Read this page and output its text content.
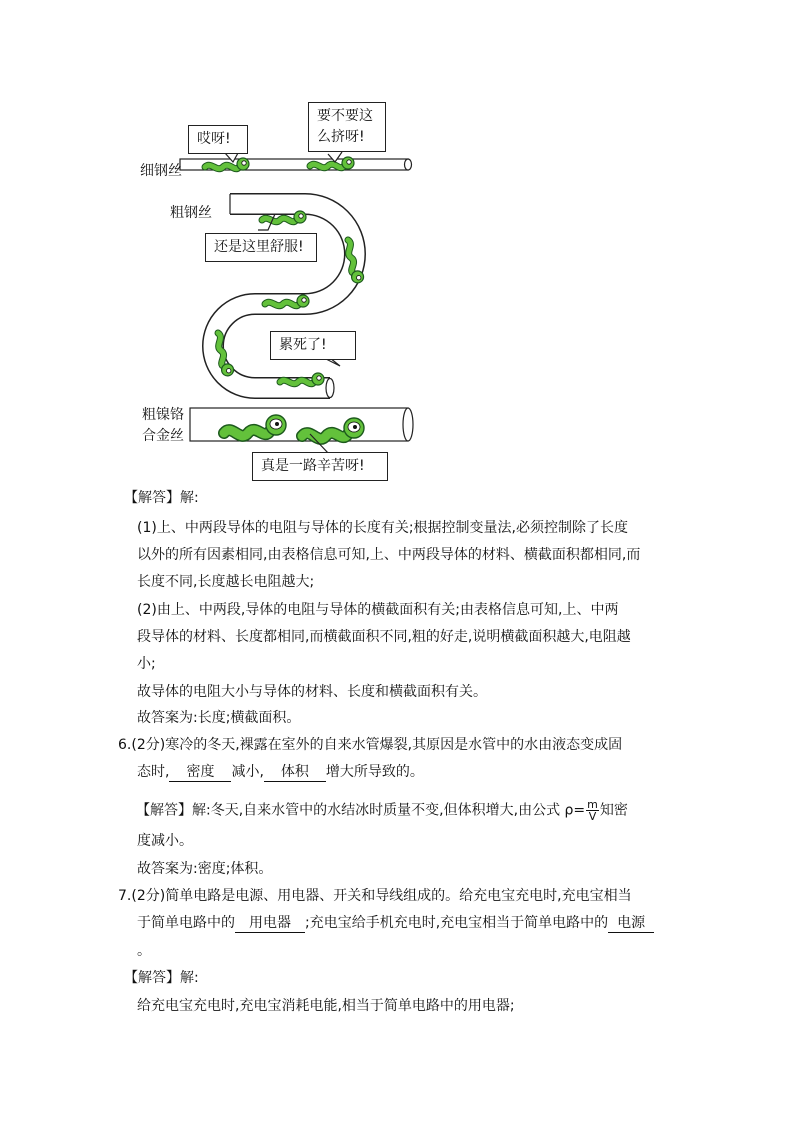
细钢丝
粗钢丝
粗镍铬
合金丝
哎呀!
要不要这
么挤呀!
还是这里舒服!
累死了!
真是一路辛苦呀!
【解答】解:
(1)上、中两段导体的电阻与导体的长度有关;根据控制变量法,必须控制除了长度
以外的所有因素相同,由表格信息可知,上、中两段导体的材料、横截面积都相同,而
长度不同,长度越长电阻越大;
(2)由上、中两段,导体的电阻与导体的横截面积有关;由表格信息可知,上、中两
段导体的材料、长度都相同,而横截面积不同,粗的好走,说明横截面积越大,电阻越
小;
故导体的电阻大小与导体的材料、长度和横截面积有关。
故答案为:长度;横截面积。
6.(2分)寒冷的冬天,裸露在室外的自来水管爆裂,其原因是水管中的水由液态变成固
态时, 密度 减小, 体积 增大所导致的。
【解答】解:冬天,自来水管中的水结冰时质量不变,但体积增大,由公式 $\rho= \frac{m}{V}$ 知密
度减小。
故答案为:密度;体积。
7.(2分)简单电路是电源、用电器、开关和导线组成的。给充电宝充电时,充电宝相当
于简单电路中的 用电器 ;充电宝给手机充电时,充电宝相当于简单电路中的 电源
。
【解答】解:
给充电宝充电时,充电宝消耗电能,相当于简单电路中的用电器;
